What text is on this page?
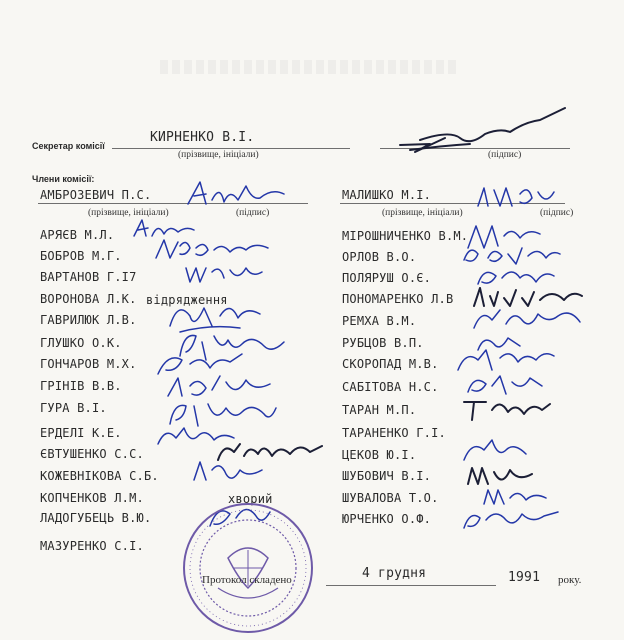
Секретар комісії
КИРНЕНКО В.І.
(прізвище, ініціали)	(підпис)
Члени комісії:
АМБРОЗЕВИЧ П.С.
(прізвище, ініціали)	(підпис)
АРЯЄВ М.Л.
БОБРОВ М.Г.
ВАРТАНОВ Г.І7
ВОРОНОВА Л.К. відрядження
ГАВРИЛЮК Л.В.
ГЛУШКО О.К.
ГОНЧАРОВ М.Х.
ГРІНІВ В.В.
ГУРА В.І.
ЕРДЕЛІ К.Е.
ЄВТУШЕНКО С.С.
КОЖЕВНІКОВА С.Б.
КОПЧЕНКОВ Л.М.	хворий
ЛАДОГУБЕЦЬ В.Ю.
МАЗУРЕНКО С.І.
МАЛИШКО М.І.
(прізвище, ініціали)	(підпис)
МІРОШНИЧЕНКО В.М.
ОРЛОВ В.О.
ПОЛЯРУШ О.Є.
ПОНОМАРЕНКО Л.В
РЕМХА В.М.
РУБЦОВ В.П.
СКОРОПАД М.В.
САБІТОВА Н.С.
ТАРАН М.П.
ТАРАНЕНКО Г.І.
ЦЕКОВ Ю.І.
ШУБОВИЧ В.І.
ШУВАЛОВА Т.О.
ЮРЧЕНКО О.Ф.
Протокол складено	4 грудня	1991 року.
